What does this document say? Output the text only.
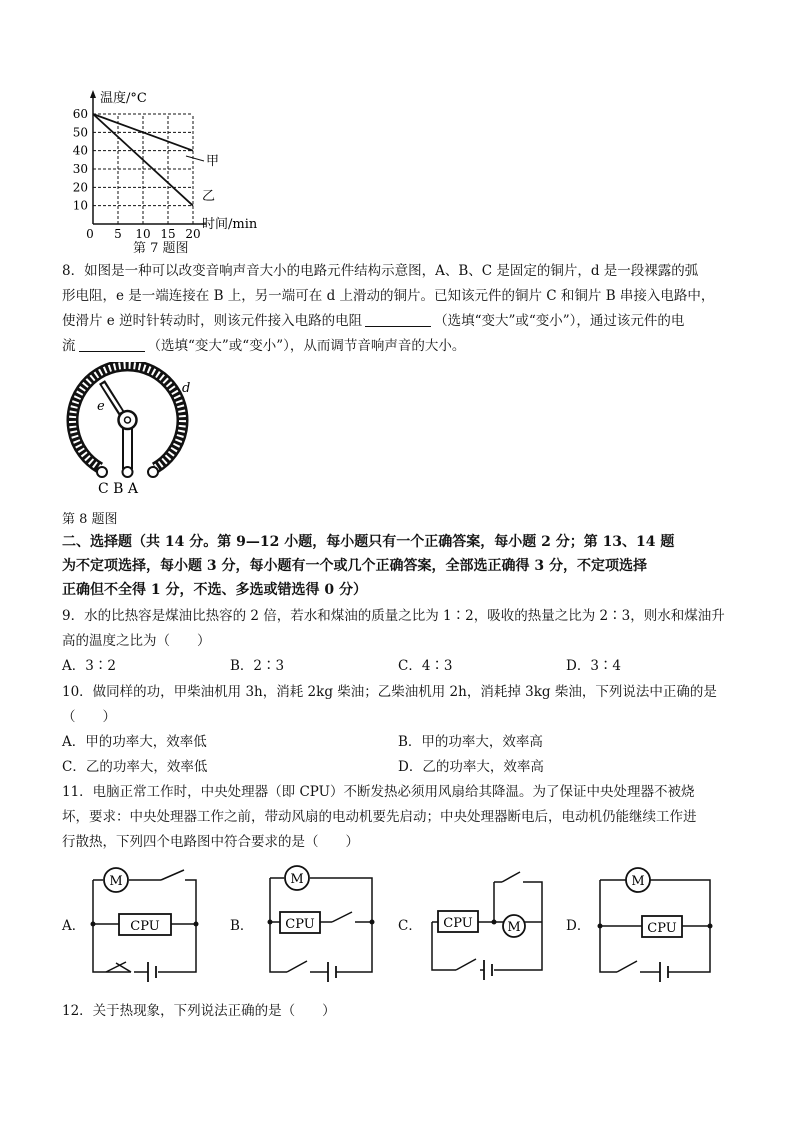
60
50
40
30
20
10
0 5 10 15 20
温度/°C
时间/min
甲
乙
第 7 题图
8．如图是一种可以改变音响声音大小的电路元件结构示意图，A、B、C 是固定的铜片，d 是一段裸露的弧
形电阻，e 是一端连接在 B 上，另一端可在 d 上滑动的铜片。已知该元件的铜片 C 和铜片 B 串接入电路中，
使滑片 e 逆时针转动时，则该元件接入电路的电阻	（选填“变大”或“变小”），通过该元件的电
流	（选填“变大”或“变小”），从而调节音响声音的大小。
e
d
C B A
第 8 题图
二、选择题（共 14 分。第 9—12 小题，每小题只有一个正确答案，每小题 2 分；第 13、14 题
为不定项选择，每小题 3 分，每小题有一个或几个正确答案，全部选正确得 3 分，不定项选择
正确但不全得 1 分，不选、多选或错选得 0 分）
9．水的比热容是煤油比热容的 2 倍，若水和煤油的质量之比为 1∶2，吸收的热量之比为 2∶3，则水和煤油升
高的温度之比为（　　）
A．3∶2	B．2∶3	C．4∶3	D．3∶4
10．做同样的功，甲柴油机用 3h，消耗 2kg 柴油；乙柴油机用 2h，消耗掉 3kg 柴油，下列说法中正确的是
（　　）
A．甲的功率大，效率低	B．甲的功率大，效率高
C．乙的功率大，效率低	D．乙的功率大，效率高
11．电脑正常工作时，中央处理器（即 CPU）不断发热必须用风扇给其降温。为了保证中央处理器不被烧
坏，要求：中央处理器工作之前，带动风扇的电动机要先启动；中央处理器断电后，电动机仍能继续工作进
行散热，下列四个电路图中符合要求的是（　　）
A．	B．	C．	D．
M
CPU
M
CPU	CPU	M
M
CPU
12．关于热现象，下列说法正确的是（　　）
